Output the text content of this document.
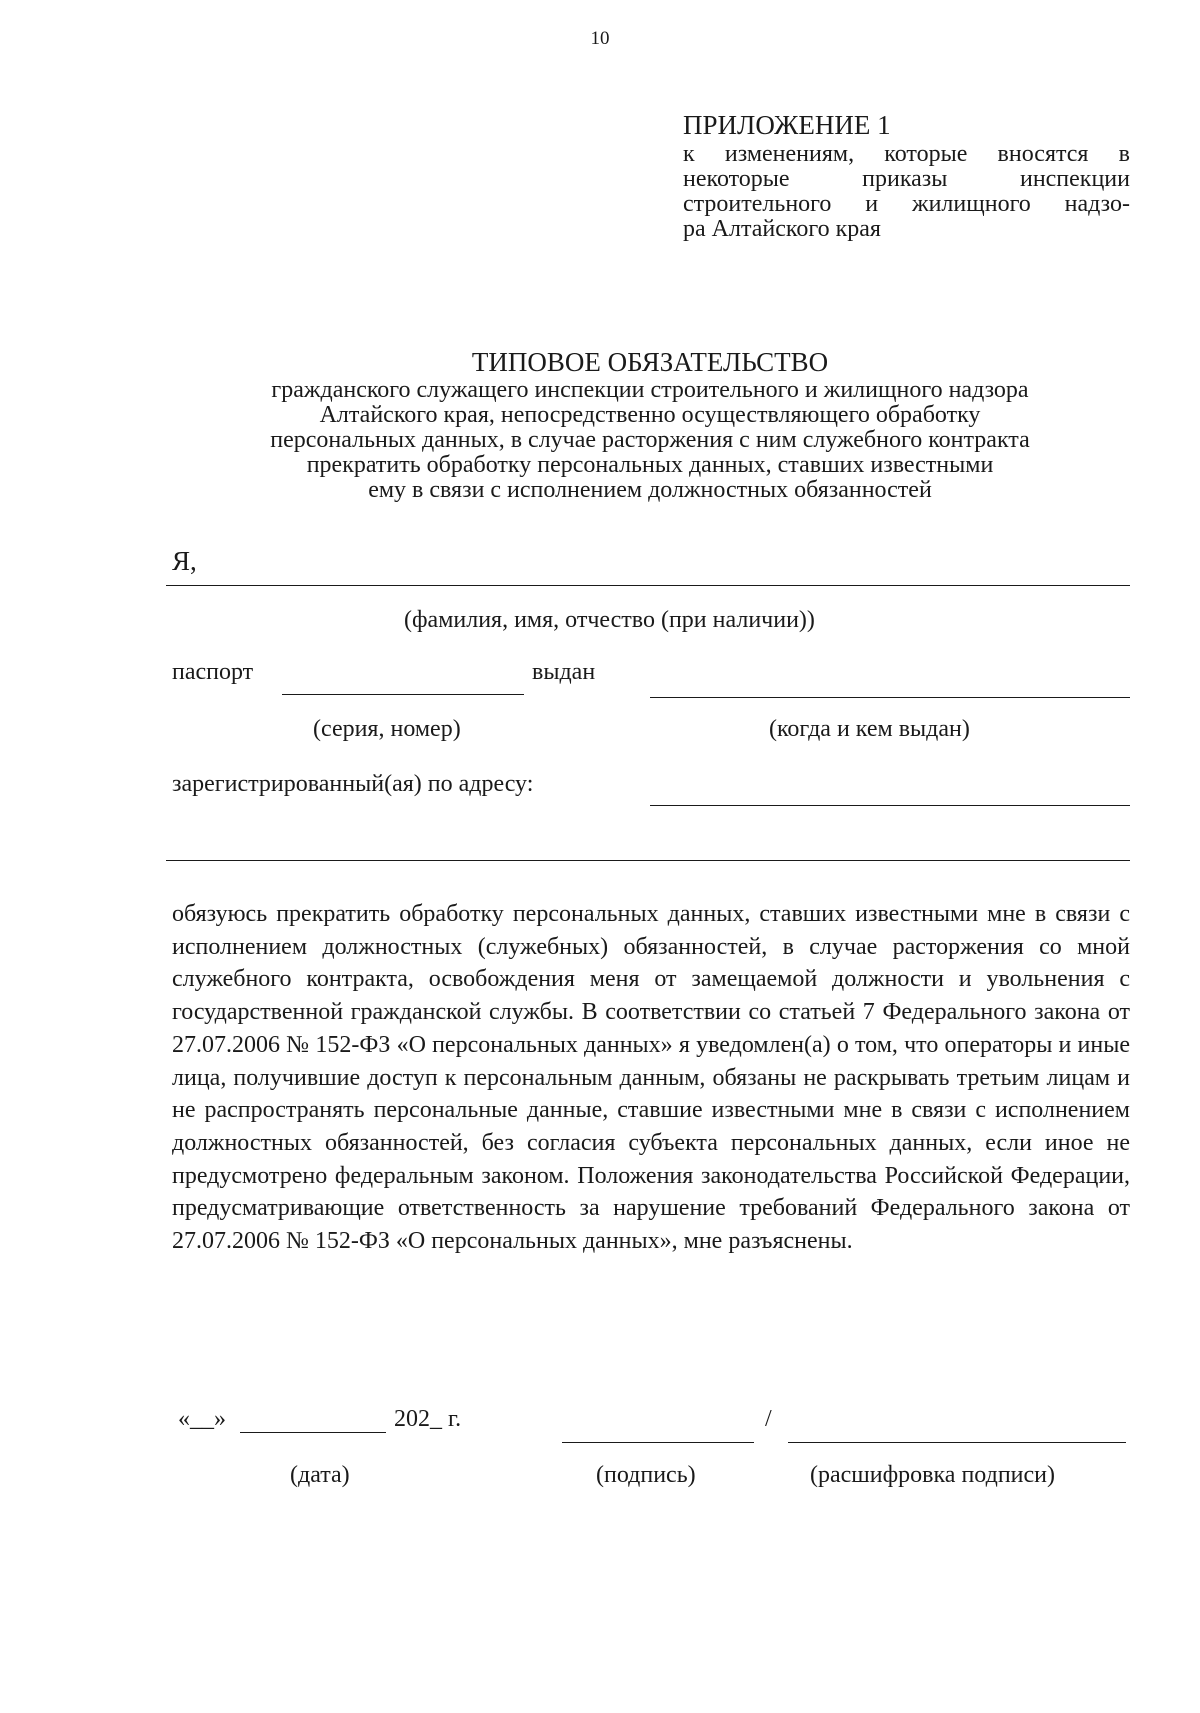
10
ПРИЛОЖЕНИЕ 1
к изменениям, которые вносятся в
некоторые приказы инспекции
строительного и жилищного надзо-
ра Алтайского края
ТИПОВОЕ ОБЯЗАТЕЛЬСТВО
гражданского служащего инспекции строительного и жилищного надзора
Алтайского края, непосредственно осуществляющего обработку
персональных данных, в случае расторжения с ним служебного контракта
прекратить обработку персональных данных, ставших известными
ему в связи с исполнением должностных обязанностей
Я,
(фамилия, имя, отчество (при наличии))
паспорт	выдан
(серия, номер)	(когда и кем выдан)
зарегистрированный(ая) по адресу:
обязуюсь прекратить обработку персональных данных, ставших известными мне в связи с исполнением должностных (служебных) обязанностей, в случае расторжения со мной служебного контракта, освобождения меня от замещаемой должности и увольнения с государственной гражданской службы. В соответствии со статьей 7 Федерального закона от 27.07.2006 № 152-ФЗ «О персональных данных» я уведомлен(а) о том, что операторы и иные лица, получившие доступ к персональным данным, обязаны не раскрывать третьим лицам и не распространять персональные данные, ставшие известными мне в связи с исполнением должностных обязанностей, без согласия субъекта персональных данных, если иное не предусмотрено федеральным законом. Положения законодательства Российской Федерации, предусматривающие ответственность за нарушение требований Федерального закона от 27.07.2006 № 152-ФЗ «О персональных данных», мне разъяснены.
«__»	202_ г.	/
(дата)	(подпись)	(расшифровка подписи)
